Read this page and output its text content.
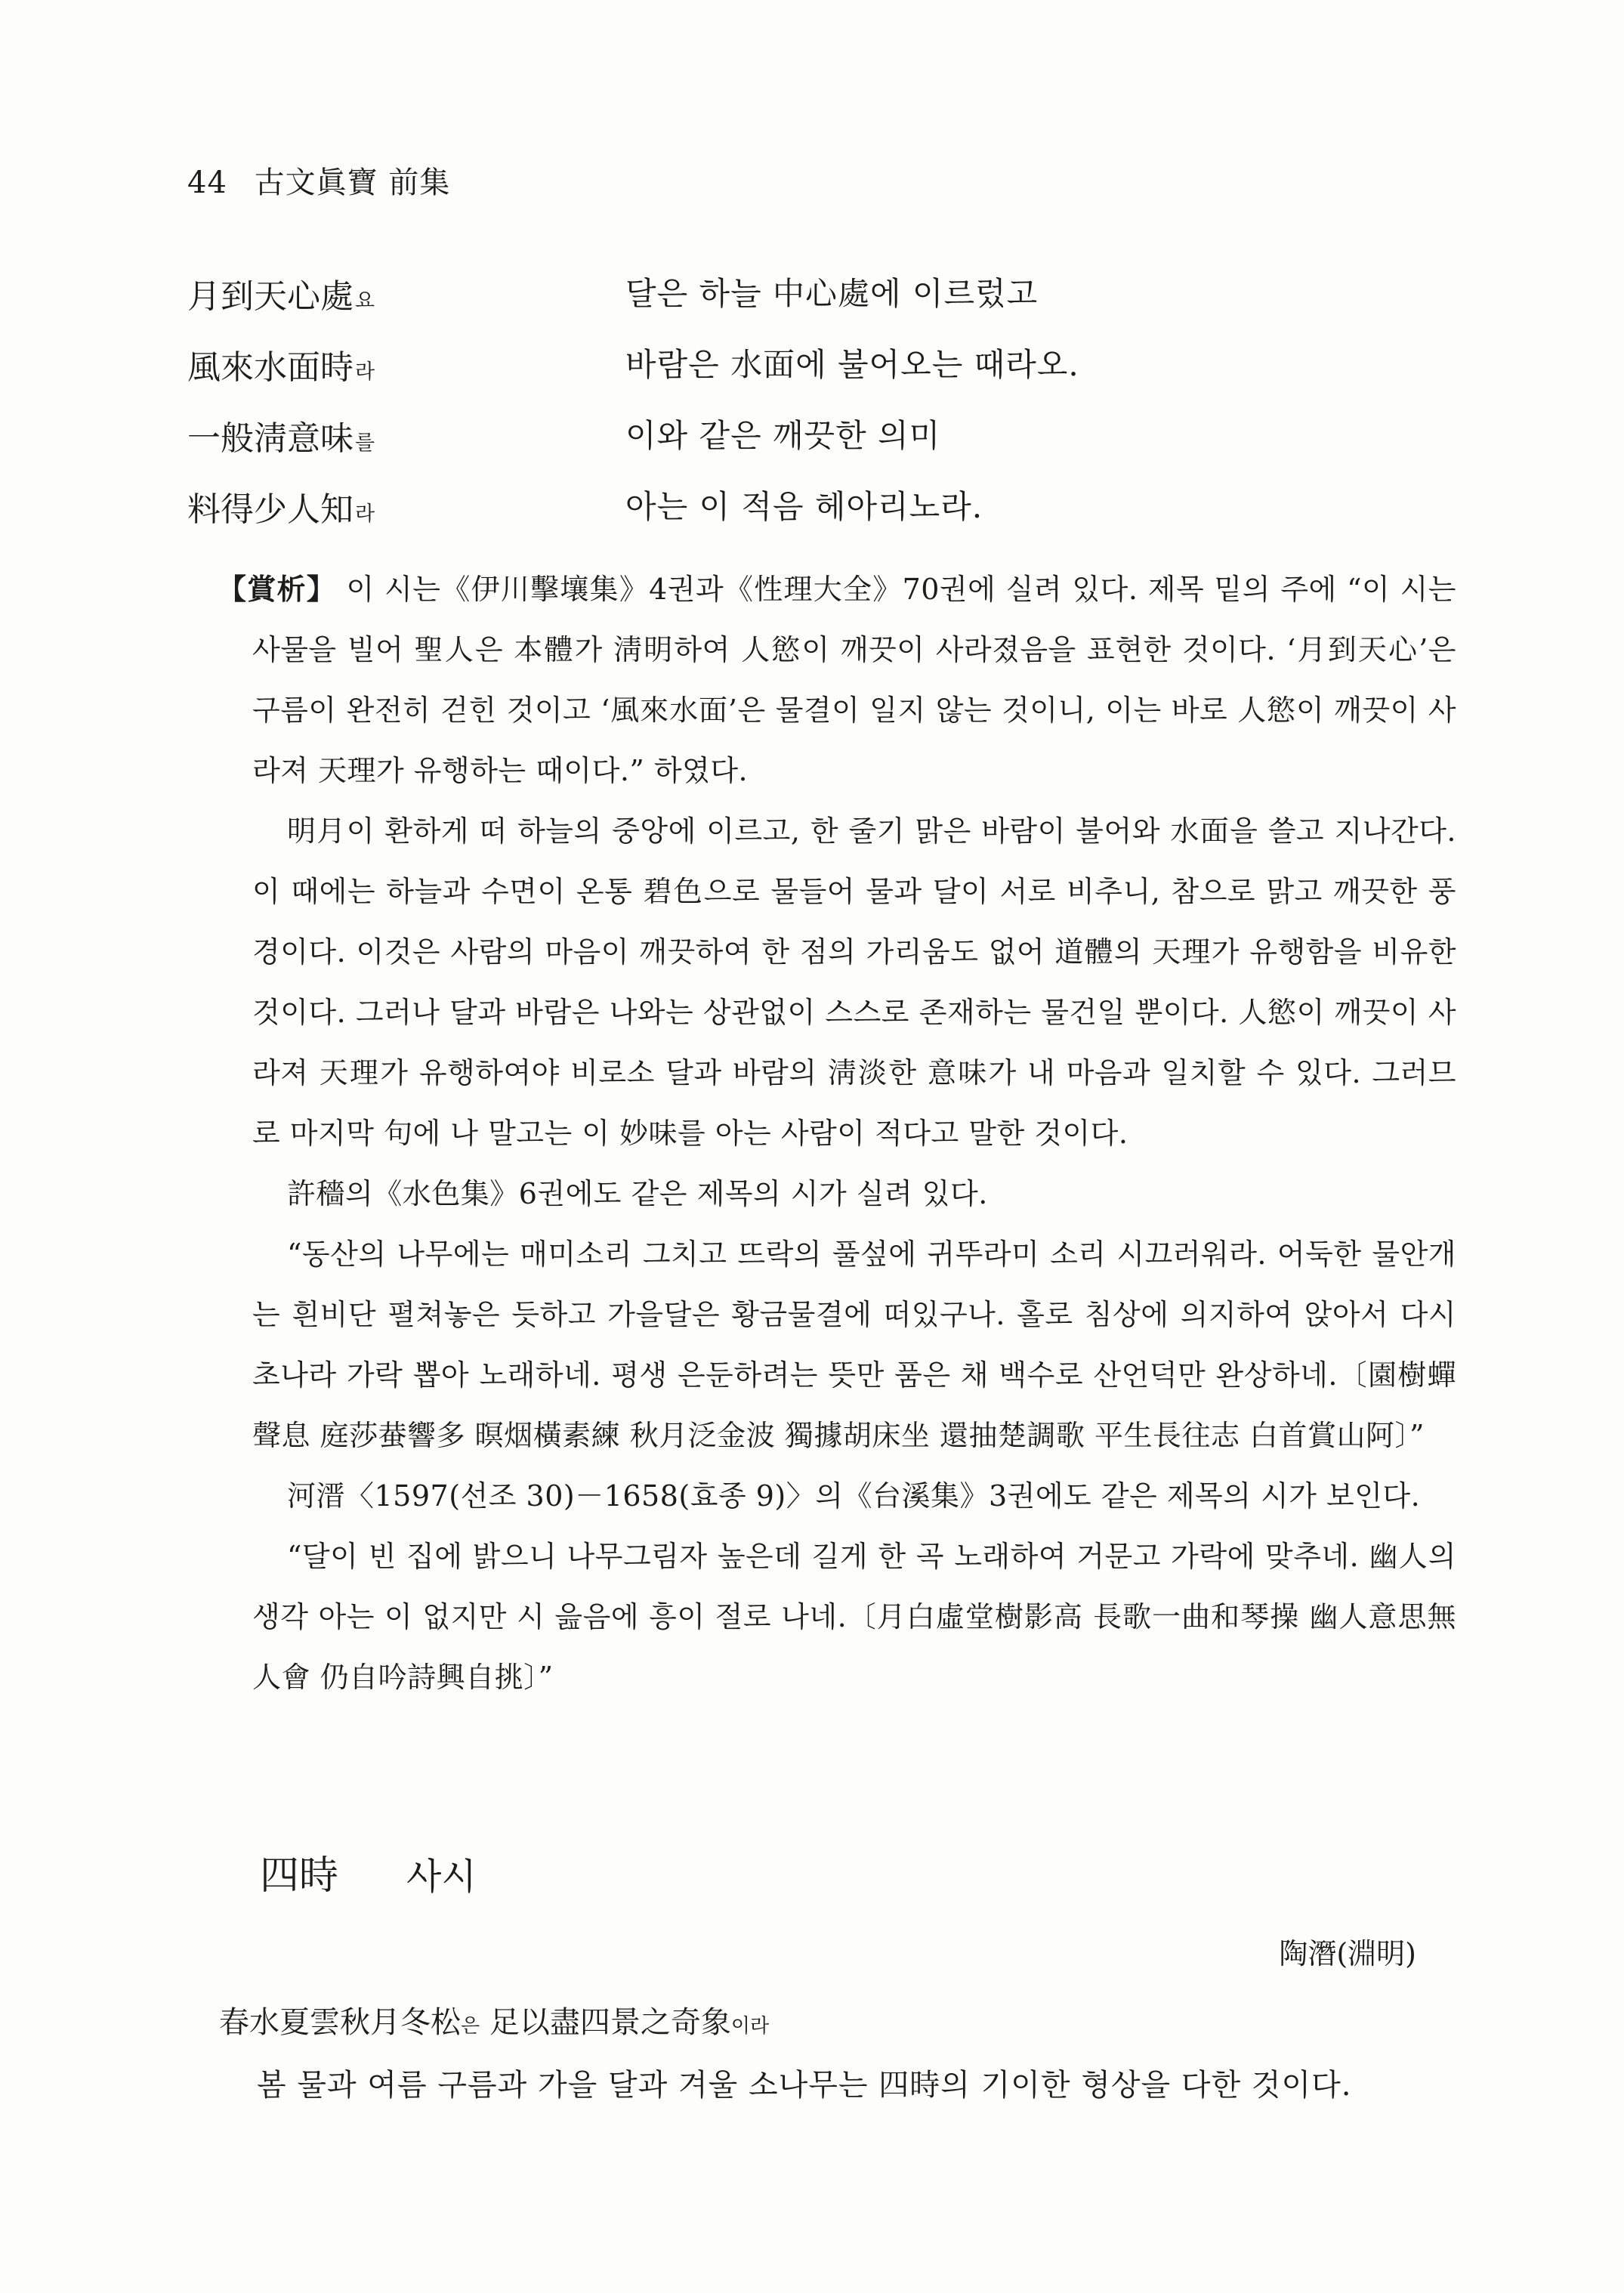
44 古文眞寶 前集
月到天心處요	달은 하늘 中心處에 이르렀고
風來水面時라	바람은 水面에 불어오는 때라오.
一般淸意味를	이와 같은 깨끗한 의미
料得少人知라	아는 이 적음 헤아리노라.

【賞析】 이 시는《伊川擊壤集》4권과《性理大全》70권에 실려 있다. 제목 밑의 주에 “이 시는 사물을 빌어 聖人은 本體가 淸明하여 人慾이 깨끗이 사라졌음을 표현한 것이다. ‘月到天心’은 구름이 완전히 걷힌 것이고 ‘風來水面’은 물결이 일지 않는 것이니, 이는 바로 人慾이 깨끗이 사라져 天理가 유행하는 때이다.” 하였다.

明月이 환하게 떠 하늘의 중앙에 이르고, 한 줄기 맑은 바람이 불어와 水面을 쓸고 지나간다. 이 때에는 하늘과 수면이 온통 碧色으로 물들어 물과 달이 서로 비추니, 참으로 맑고 깨끗한 풍경이다. 이것은 사람의 마음이 깨끗하여 한 점의 가리움도 없어 道體의 天理가 유행함을 비유한 것이다. 그러나 달과 바람은 나와는 상관없이 스스로 존재하는 물건일 뿐이다. 人慾이 깨끗이 사라져 天理가 유행하여야 비로소 달과 바람의 淸淡한 意味가 내 마음과 일치할 수 있다. 그러므로 마지막 句에 나 말고는 이 妙味를 아는 사람이 적다고 말한 것이다.

許穡의《水色集》6권에도 같은 제목의 시가 실려 있다.

“동산의 나무에는 매미소리 그치고 뜨락의 풀섶에 귀뚜라미 소리 시끄러워라. 어둑한 물안개는 흰비단 펼쳐놓은 듯하고 가을달은 황금물결에 떠있구나. 홀로 침상에 의지하여 앉아서 다시 초나라 가락 뽑아 노래하네. 평생 은둔하려는 뜻만 품은 채 백수로 산언덕만 완상하네.〔園樹蟬聲息 庭莎蛬響多 暝烟橫素練 秋月泛金波 獨據胡床坐 還抽楚調歌 平生長往志 白首賞山阿〕”

河溍〈1597(선조 30)－1658(효종 9)〉의《台溪集》3권에도 같은 제목의 시가 보인다.

“달이 빈 집에 밝으니 나무그림자 높은데 길게 한 곡 노래하여 거문고 가락에 맞추네. 幽人의 생각 아는 이 없지만 시 읊음에 흥이 절로 나네.〔月白虛堂樹影高 長歌一曲和琴操 幽人意思無人會 仍自吟詩興自挑〕”

四時 사시
陶潛(淵明)
春水夏雲秋月冬松은 足以盡四景之奇象이라
봄 물과 여름 구름과 가을 달과 겨울 소나무는 四時의 기이한 형상을 다한 것이다.
